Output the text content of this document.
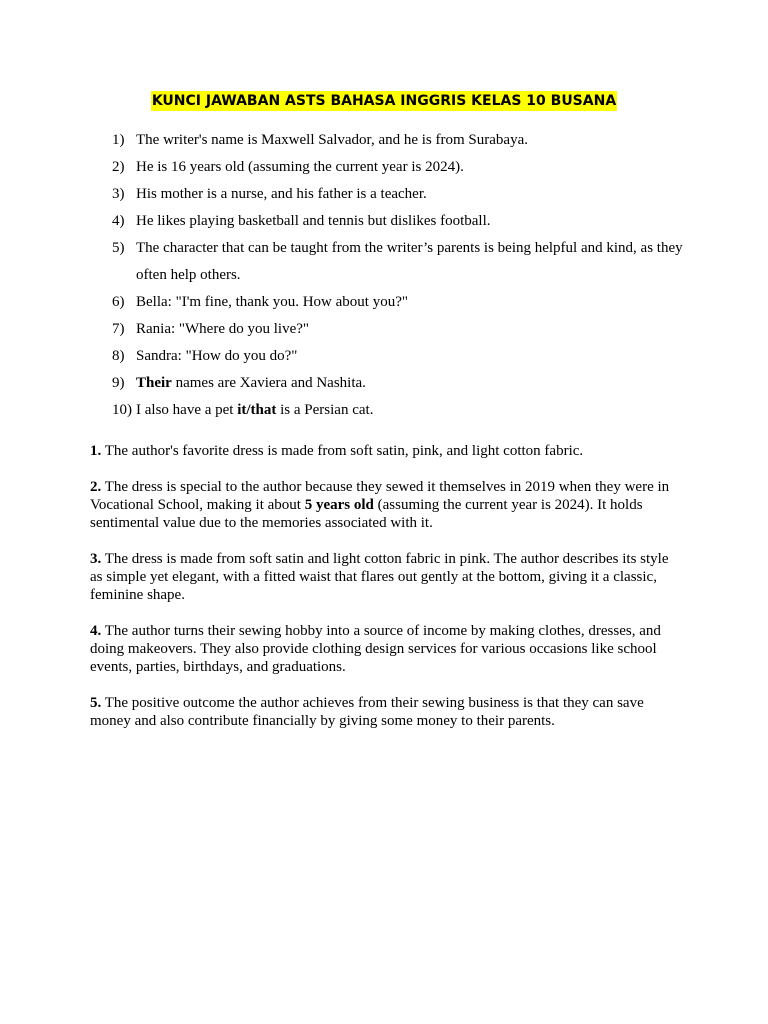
KUNCI JAWABAN ASTS BAHASA INGGRIS KELAS 10 BUSANA
1) The writer's name is Maxwell Salvador, and he is from Surabaya.
2) He is 16 years old (assuming the current year is 2024).
3) His mother is a nurse, and his father is a teacher.
4) He likes playing basketball and tennis but dislikes football.
5) The character that can be taught from the writer’s parents is being helpful and kind, as they often help others.
6) Bella: "I'm fine, thank you. How about you?"
7) Rania: "Where do you live?"
8) Sandra: "How do you do?"
9) Their names are Xaviera and Nashita.
10) I also have a pet it/that is a Persian cat.

1. The author's favorite dress is made from soft satin, pink, and light cotton fabric.

2. The dress is special to the author because they sewed it themselves in 2019 when they were in Vocational School, making it about 5 years old (assuming the current year is 2024). It holds sentimental value due to the memories associated with it.

3. The dress is made from soft satin and light cotton fabric in pink. The author describes its style as simple yet elegant, with a fitted waist that flares out gently at the bottom, giving it a classic, feminine shape.

4. The author turns their sewing hobby into a source of income by making clothes, dresses, and doing makeovers. They also provide clothing design services for various occasions like school events, parties, birthdays, and graduations.

5. The positive outcome the author achieves from their sewing business is that they can save money and also contribute financially by giving some money to their parents.
